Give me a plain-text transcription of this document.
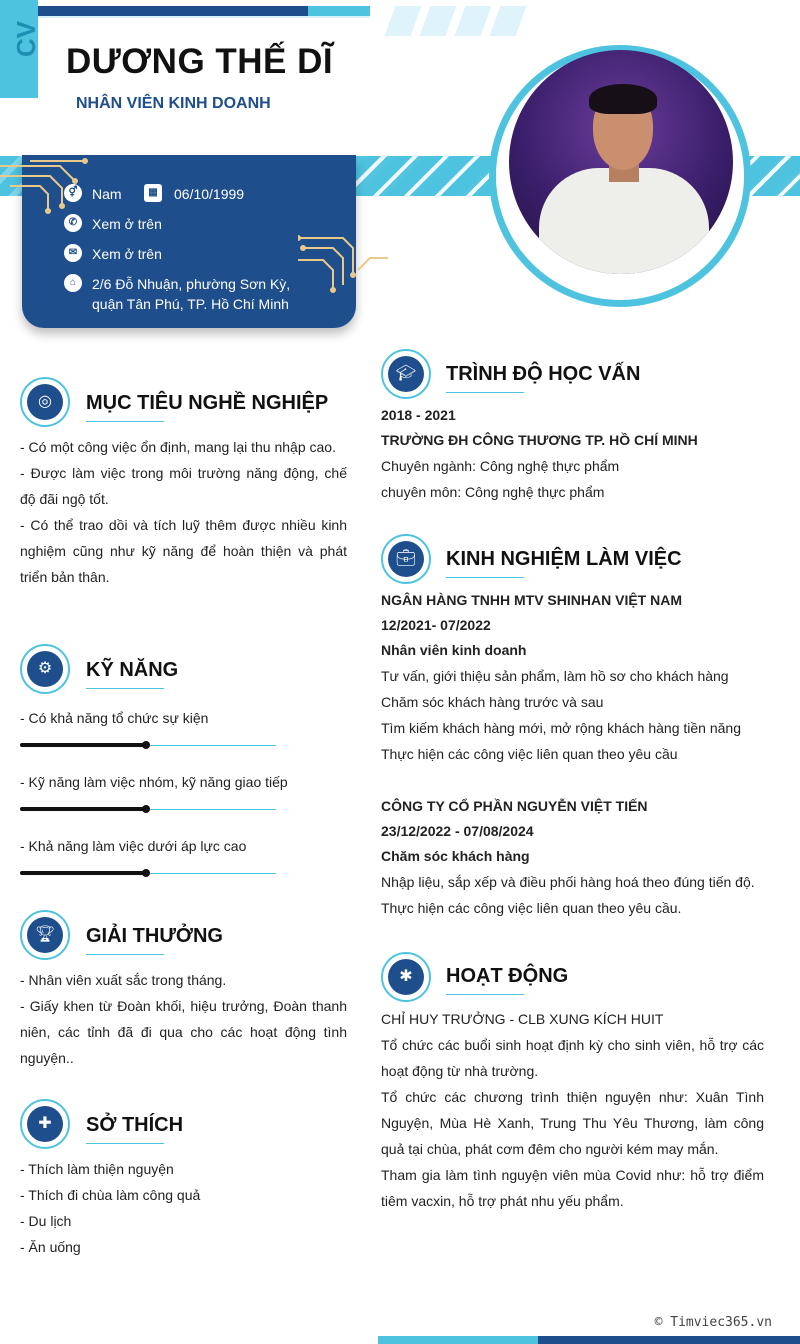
CV
DƯƠNG THẾ DĨ
NHÂN VIÊN KINH DOANH
⚥	Nam	▦	06/10/1999
✆	Xem ở trên
✉	Xem ở trên
⌂	2/6 Đỗ Nhuận, phường Sơn Kỳ,
quận Tân Phú, TP. Hồ Chí Minh
◎	MỤC TIÊU NGHỀ NGHIỆP
- Có một công việc ổn định, mang lại thu nhập cao.
- Được làm việc trong môi trường năng động, chế độ đãi ngộ tốt.
- Có thể trao dồi và tích luỹ thêm được nhiều kinh nghiệm cũng như kỹ năng để hoàn thiện và phát triển bản thân.
⚙	KỸ NĂNG
- Có khả năng tổ chức sự kiện
- Kỹ năng làm việc nhóm, kỹ năng giao tiếp
- Khả năng làm việc dưới áp lực cao
🏆︎	GIẢI THƯỞNG
- Nhân viên xuất sắc trong tháng.
- Giấy khen từ Đoàn khối, hiệu trưởng, Đoàn thanh niên, các tỉnh đã đi qua cho các hoạt động tình nguyện..
✚	SỞ THÍCH
- Thích làm thiện nguyện
- Thích đi chùa làm công quả
- Du lịch
- Ăn uống
🎓︎	TRÌNH ĐỘ HỌC VẤN
2018 - 2021
TRƯỜNG ĐH CÔNG THƯƠNG TP. HỒ CHÍ MINH
Chuyên ngành: Công nghệ thực phẩm
chuyên môn: Công nghệ thực phẩm
💼︎	KINH NGHIỆM LÀM VIỆC
NGÂN HÀNG TNHH MTV SHINHAN VIỆT NAM
12/2021- 07/2022
Nhân viên kinh doanh
Tư vấn, giới thiệu sản phẩm, làm hồ sơ cho khách hàng
Chăm sóc khách hàng trước và sau
Tìm kiếm khách hàng mới, mở rộng khách hàng tiền năng
Thực hiện các công việc liên quan theo yêu cầu
CÔNG TY CỔ PHẦN NGUYỄN VIỆT TIẾN
23/12/2022 - 07/08/2024
Chăm sóc khách hàng
Nhập liệu, sắp xếp và điều phối hàng hoá theo đúng tiến độ.
Thực hiện các công việc liên quan theo yêu cầu.
✱	HOẠT ĐỘNG
CHỈ HUY TRƯỞNG - CLB XUNG KÍCH HUIT
Tổ chức các buổi sinh hoạt định kỳ cho sinh viên, hỗ trợ các hoạt động từ nhà trường.
Tổ chức các chương trình thiện nguyện như: Xuân Tình Nguyện, Mùa Hè Xanh, Trung Thu Yêu Thương, làm công quả tại chùa, phát cơm đêm cho người kém may mắn.
Tham gia làm tình nguyện viên mùa Covid như: hỗ trợ điểm tiêm vacxin, hỗ trợ phát nhu yếu phẩm.
© Timviec365.vn
